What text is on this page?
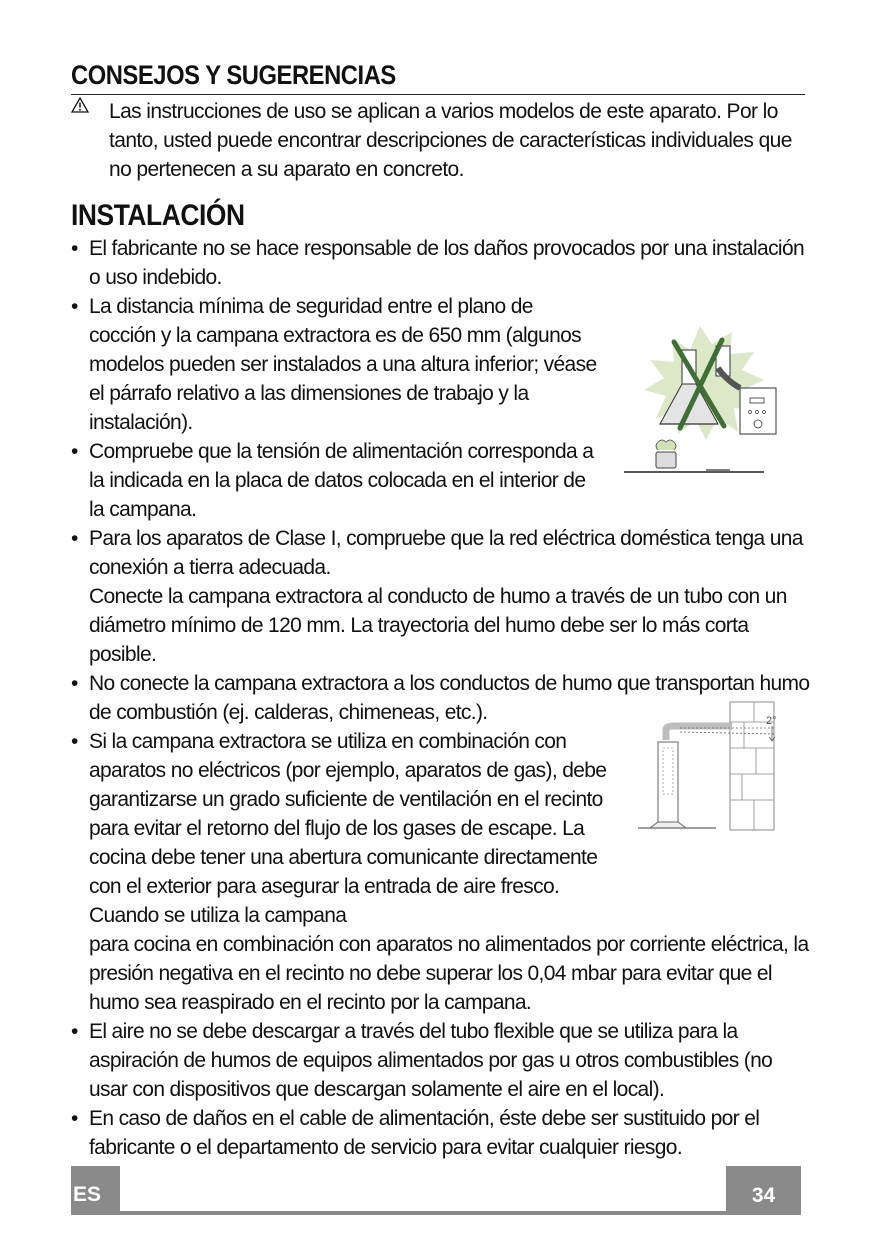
CONSEJOS Y SUGERENCIAS
Las instrucciones de uso se aplican a varios modelos de este aparato. Por lo tanto, usted puede encontrar descripciones de características individuales que no pertenecen a su aparato en concreto.
INSTALACIÓN
• El fabricante no se hace responsable de los daños provocados por una instalación o uso indebido.

• La distancia mínima de seguridad entre el plano de cocción y la campana extractora es de 650 mm (algunos modelos pueden ser instalados a una altura inferior; véase el párrafo relativo a las dimensiones de trabajo y la instalación).

• Compruebe que la tensión de alimentación corresponda a la indicada en la placa de datos colocada en el interior de la campana.

• Para los aparatos de Clase I, compruebe que la red eléctrica doméstica tenga una conexión a tierra adecuada.

Conecte la campana extractora al conducto de humo a través de un tubo con un diámetro mínimo de 120 mm. La trayectoria del humo debe ser lo más corta posible.

• No conecte la campana extractora a los conductos de humo que transportan humo de combustión (ej. calderas, chimeneas, etc.).

• Si la campana extractora se utiliza en combinación con aparatos no eléctricos (por ejemplo, aparatos de gas), debe garantizarse un grado suficiente de ventilación en el recinto para evitar el retorno del flujo de los gases de escape. La cocina debe tener una abertura comunicante directamente con el exterior para asegurar la entrada de aire fresco. Cuando se utiliza la campana

para cocina en combinación con aparatos no alimentados por corriente eléctrica, la presión negativa en el recinto no debe superar los 0,04 mbar para evitar que el humo sea reaspirado en el recinto por la campana.

• El aire no se debe descargar a través del tubo flexible que se utiliza para la aspiración de humos de equipos alimentados por gas u otros combustibles (no usar con dispositivos que descargan solamente el aire en el local).

• En caso de daños en el cable de alimentación, éste debe ser sustituido por el fabricante o el departamento de servicio para evitar cualquier riesgo.

2°
ES	34
